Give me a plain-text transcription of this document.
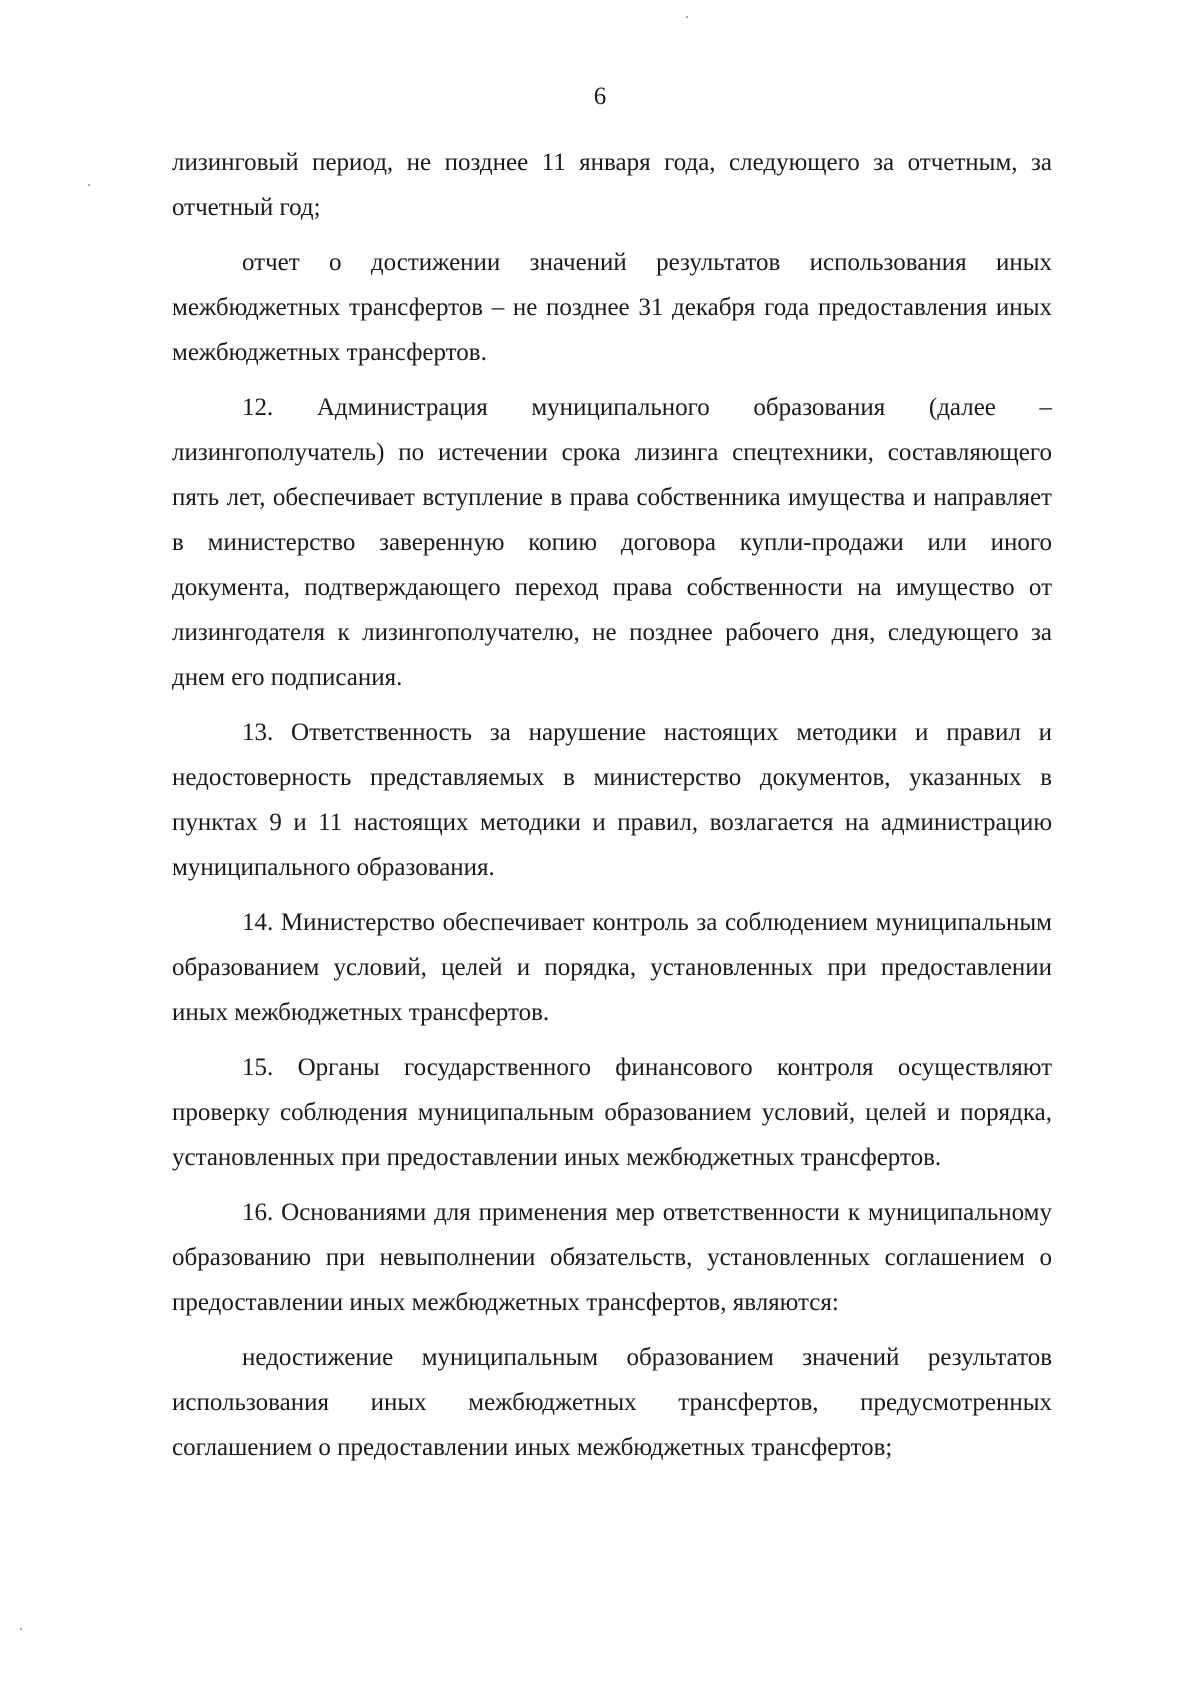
6

лизинговый период, не позднее 11 января года, следующего за отчетным, за отчетный год;

отчет о достижении значений результатов использования иных межбюджетных трансфертов – не позднее 31 декабря года предоставления иных межбюджетных трансфертов.

12. Администрация муниципального образования (далее – лизингополучатель) по истечении срока лизинга спецтехники, составляющего пять лет, обеспечивает вступление в права собственника имущества и направляет в министерство заверенную копию договора купли-продажи или иного документа, подтверждающего переход права собственности на имущество от лизингодателя к лизингополучателю, не позднее рабочего дня, следующего за днем его подписания.

13. Ответственность за нарушение настоящих методики и правил и недостоверность представляемых в министерство документов, указанных в пунктах 9 и 11 настоящих методики и правил, возлагается на администрацию муниципального образования.

14. Министерство обеспечивает контроль за соблюдением муниципальным образованием условий, целей и порядка, установленных при предоставлении иных межбюджетных трансфертов.

15. Органы государственного финансового контроля осуществляют проверку соблюдения муниципальным образованием условий, целей и порядка, установленных при предоставлении иных межбюджетных трансфертов.

16. Основаниями для применения мер ответственности к муниципальному образованию при невыполнении обязательств, установленных соглашением о предоставлении иных межбюджетных трансфертов, являются:

недостижение муниципальным образованием значений результатов использования иных межбюджетных трансфертов, предусмотренных соглашением о предоставлении иных межбюджетных трансфертов;
